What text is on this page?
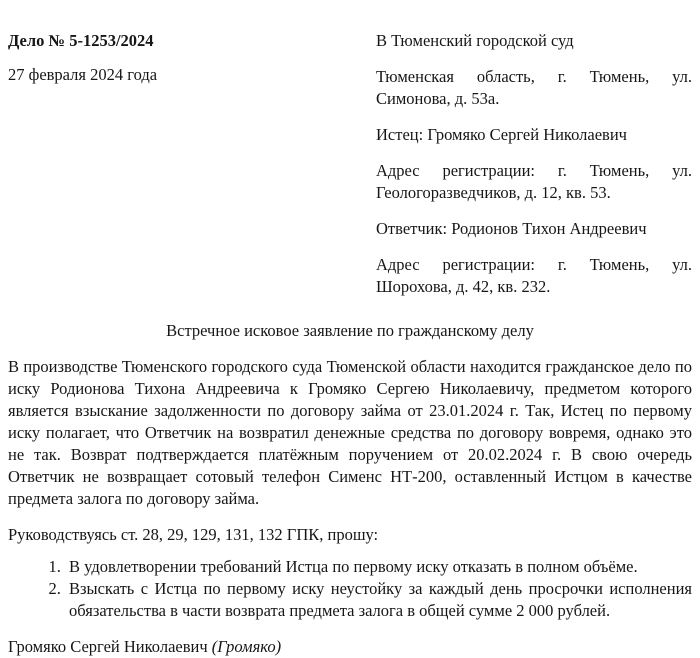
Дело № 5-1253/2024

27 февраля 2024 года

В Тюменский городской суд

Тюменская область, г. Тюмень, ул. Симонова, д. 53а.

Истец: Громяко Сергей Николаевич

Адрес регистрации: г. Тюмень, ул. Геологоразведчиков, д. 12, кв. 53.

Ответчик: Родионов Тихон Андреевич

Адрес регистрации: г. Тюмень, ул. Шорохова, д. 42, кв. 232.

Встречное исковое заявление по гражданскому делу

В производстве Тюменского городского суда Тюменской области находится гражданское дело по иску Родионова Тихона Андреевича к Громяко Сергею Николаевичу, предметом которого является взыскание задолженности по договору займа от 23.01.2024 г. Так, Истец по первому иску полагает, что Ответчик на возвратил денежные средства по договору вовремя, однако это не так. Возврат подтверждается платёжным поручением от 20.02.2024 г. В свою очередь Ответчик не возвращает сотовый телефон Сименс НТ-200, оставленный Истцом в качестве предмета залога по договору займа.

Руководствуясь ст. 28, 29, 129, 131, 132 ГПК, прошу:

1. В удовлетворении требований Истца по первому иску отказать в полном объёме.
2. Взыскать с Истца по первому иску неустойку за каждый день просрочки исполнения обязательства в части возврата предмета залога в общей сумме 2 000 рублей.

Громяко Сергей Николаевич (Громяко)
